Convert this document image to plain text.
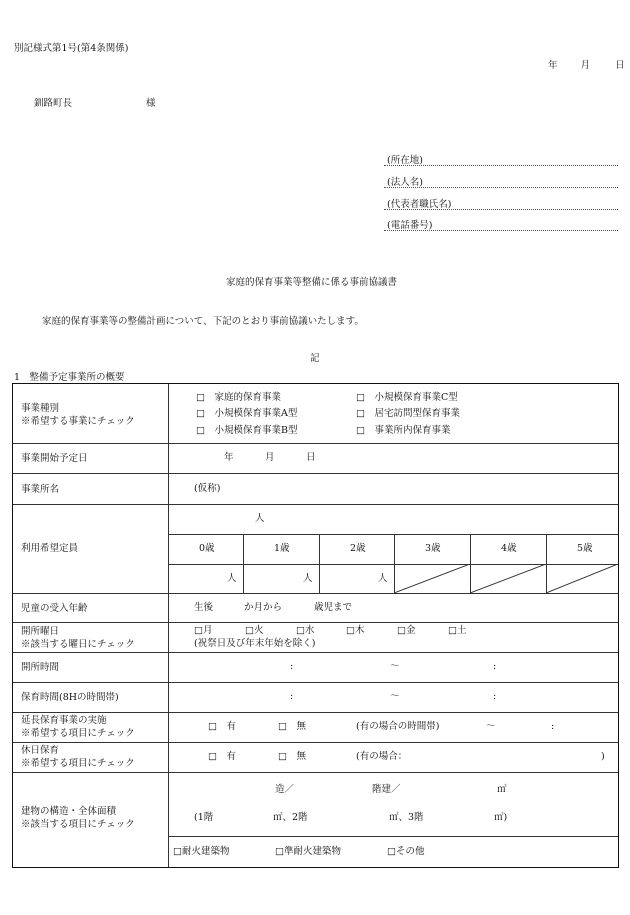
別記様式第1号(第4条関係)
年 月	日
釧路町長	様
(所在地)
(法人名)
(代表者職氏名)
(電話番号)
家庭的保育事業等整備に係る事前協議書
家庭的保育事業等の整備計画について、下記のとおり事前協議いたします。
記
1　整備予定事業所の概要
事業種別
※希望する事業にチェック
□　家庭的保育事業	□　小規模保育事業C型
□　小規模保育事業A型	□　居宅訪問型保育事業
□　小規模保育事業B型	□　事業所内保育事業
事業開始予定日	年	月	日
事業所名	(仮称)
利用希望定員
人
0歳	1歳	2歳	3歳	4歳	5歳
人	人	人
児童の受入年齢	生後	か月から	歳児まで
開所曜日
※該当する曜日にチェック
□月	□火	□水	□木	□金	□土
(祝祭日及び年末年始を除く)
開所時間	:	～	:
保育時間(8Hの時間帯)	:	～	:
延長保育事業の実施
※希望する項目にチェック
□　有	□　無	(有の場合の時間帯)	～	:
休日保育
※希望する項目にチェック
□　有	□　無	(有の場合：	)
建物の構造・全体面積
※該当する項目にチェック
造／	階建／	㎡
(1階	㎡、2階	㎡、3階	㎡)
□耐火建築物	□準耐火建築物	□その他
